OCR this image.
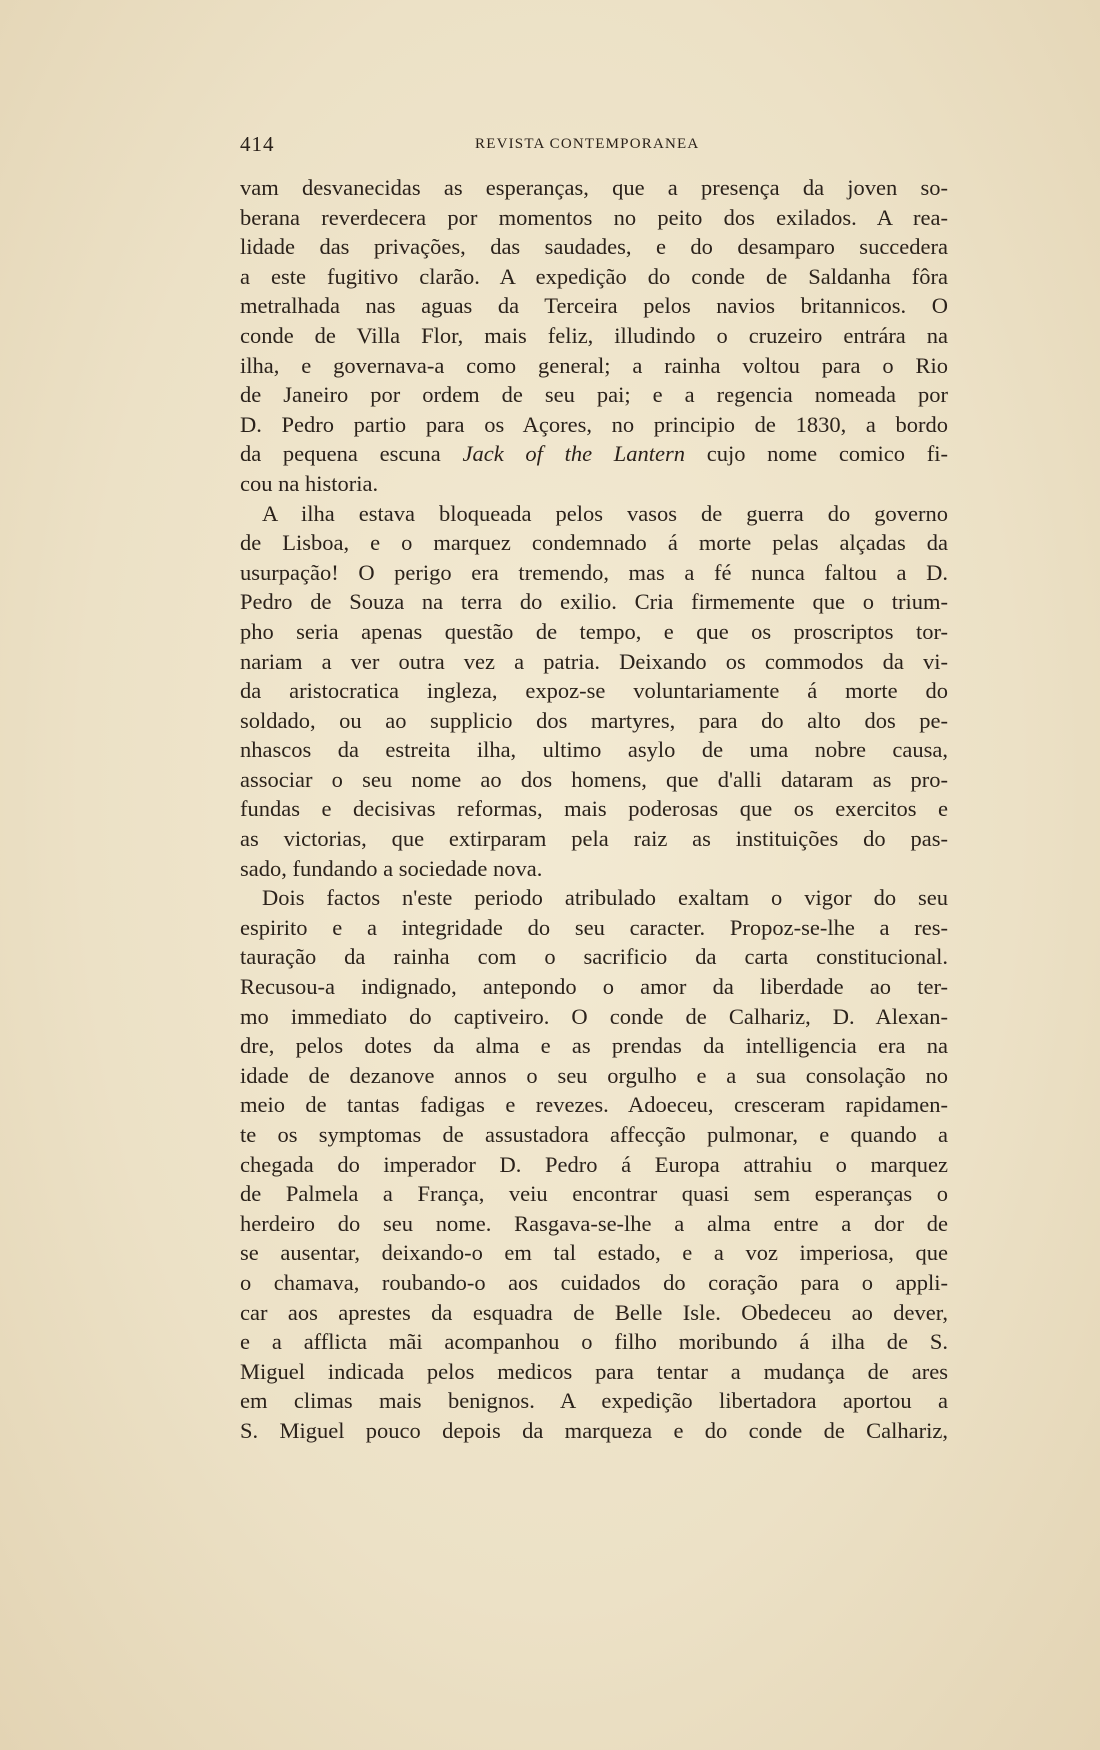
414	REVISTA CONTEMPORANEA
vam desvanecidas as esperanças, que a presença da joven so-
berana reverdecera por momentos no peito dos exilados. A rea-
lidade das privações, das saudades, e do desamparo succedera
a este fugitivo clarão. A expedição do conde de Saldanha fôra
metralhada nas aguas da Terceira pelos navios britannicos. O
conde de Villa Flor, mais feliz, illudindo o cruzeiro entrára na
ilha, e governava-a como general; a rainha voltou para o Rio
de Janeiro por ordem de seu pai; e a regencia nomeada por
D. Pedro partio para os Açores, no principio de 1830, a bordo
da pequena escuna Jack of the Lantern cujo nome comico fi-
cou na historia.
A ilha estava bloqueada pelos vasos de guerra do governo
de Lisboa, e o marquez condemnado á morte pelas alçadas da
usurpação! O perigo era tremendo, mas a fé nunca faltou a D.
Pedro de Souza na terra do exilio. Cria firmemente que o trium-
pho seria apenas questão de tempo, e que os proscriptos tor-
nariam a ver outra vez a patria. Deixando os commodos da vi-
da aristocratica ingleza, expoz-se voluntariamente á morte do
soldado, ou ao supplicio dos martyres, para do alto dos pe-
nhascos da estreita ilha, ultimo asylo de uma nobre causa,
associar o seu nome ao dos homens, que d'alli dataram as pro-
fundas e decisivas reformas, mais poderosas que os exercitos e
as victorias, que extirparam pela raiz as instituições do pas-
sado, fundando a sociedade nova.
Dois factos n'este periodo atribulado exaltam o vigor do seu
espirito e a integridade do seu caracter. Propoz-se-lhe a res-
tauração da rainha com o sacrificio da carta constitucional.
Recusou-a indignado, antepondo o amor da liberdade ao ter-
mo immediato do captiveiro. O conde de Calhariz, D. Alexan-
dre, pelos dotes da alma e as prendas da intelligencia era na
idade de dezanove annos o seu orgulho e a sua consolação no
meio de tantas fadigas e revezes. Adoeceu, cresceram rapidamen-
te os symptomas de assustadora affecção pulmonar, e quando a
chegada do imperador D. Pedro á Europa attrahiu o marquez
de Palmela a França, veiu encontrar quasi sem esperanças o
herdeiro do seu nome. Rasgava-se-lhe a alma entre a dor de
se ausentar, deixando-o em tal estado, e a voz imperiosa, que
o chamava, roubando-o aos cuidados do coração para o appli-
car aos aprestes da esquadra de Belle Isle. Obedeceu ao dever,
e a afflicta mãi acompanhou o filho moribundo á ilha de S.
Miguel indicada pelos medicos para tentar a mudança de ares
em climas mais benignos. A expedição libertadora aportou a
S. Miguel pouco depois da marqueza e do conde de Calhariz,
